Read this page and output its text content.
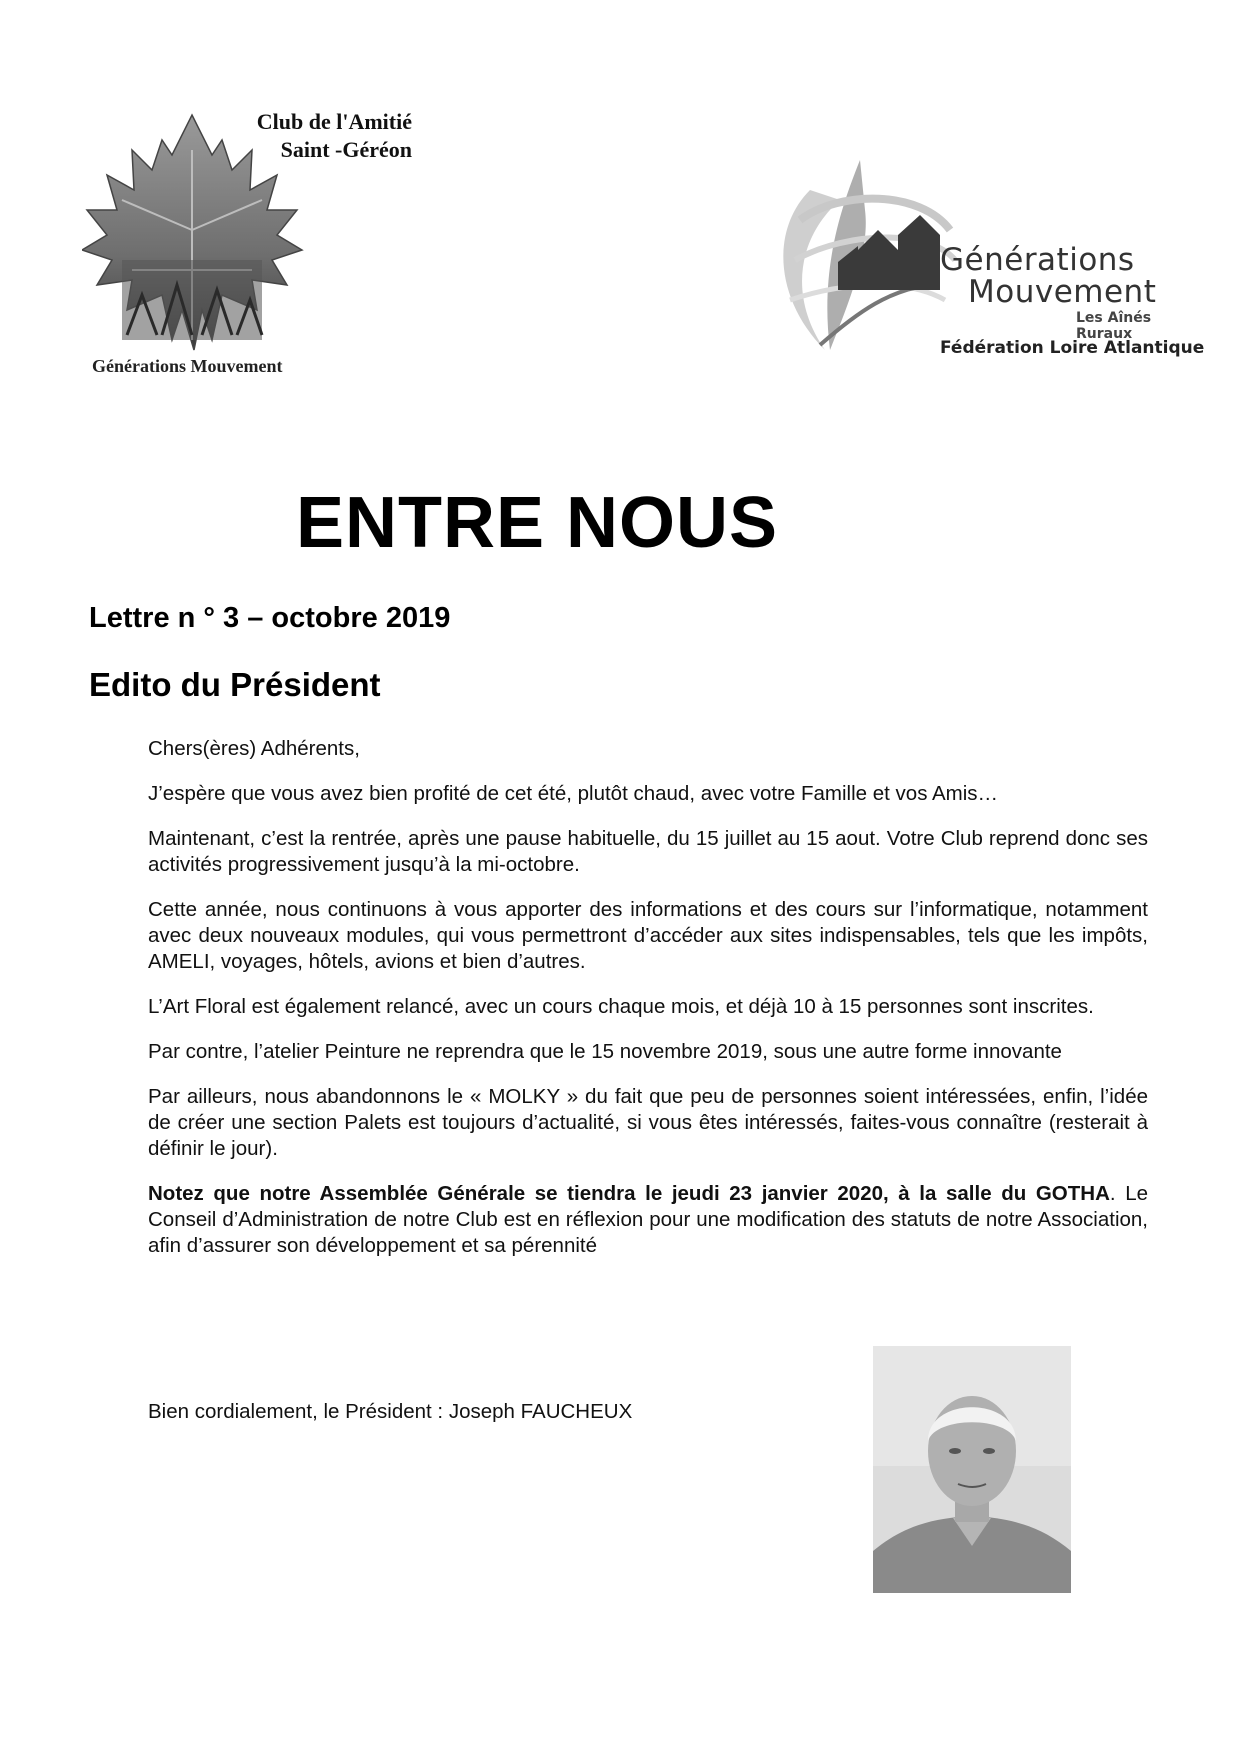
Club de l'Amitié
Saint -Géréon
Générations Mouvement
Générations
Mouvement
Les Aînés Ruraux
Fédération Loire Atlantique
ENTRE NOUS
Lettre n ° 3 – octobre 2019
Edito du Président

Chers(ères) Adhérents,

J’espère que vous avez bien profité de cet été, plutôt chaud, avec votre Famille et vos Amis…

Maintenant, c’est la rentrée, après une pause habituelle, du 15 juillet au 15 aout. Votre Club reprend donc ses activités progressivement jusqu’à la mi-octobre.

Cette année, nous continuons à vous apporter des informations et des cours sur l’informatique, notamment avec deux nouveaux modules, qui vous permettront d’accéder aux sites indispensables, tels que les impôts, AMELI, voyages, hôtels, avions et bien d’autres.

L’Art Floral est également relancé, avec un cours chaque mois, et déjà 10 à 15 personnes sont inscrites.

Par contre, l’atelier Peinture ne reprendra que le 15 novembre 2019, sous une autre forme innovante

Par ailleurs, nous abandonnons le « MOLKY » du fait que peu de personnes soient intéressées, enfin, l’idée de créer une section Palets est toujours d’actualité, si vous êtes intéressés, faites-vous connaître (resterait à définir le jour).

Notez que notre Assemblée Générale se tiendra le jeudi 23 janvier 2020, à la salle du GOTHA. Le Conseil d’Administration de notre Club est en réflexion pour une modification des statuts de notre Association, afin d’assurer son développement et sa pérennité

Bien cordialement, le Président : Joseph FAUCHEUX
